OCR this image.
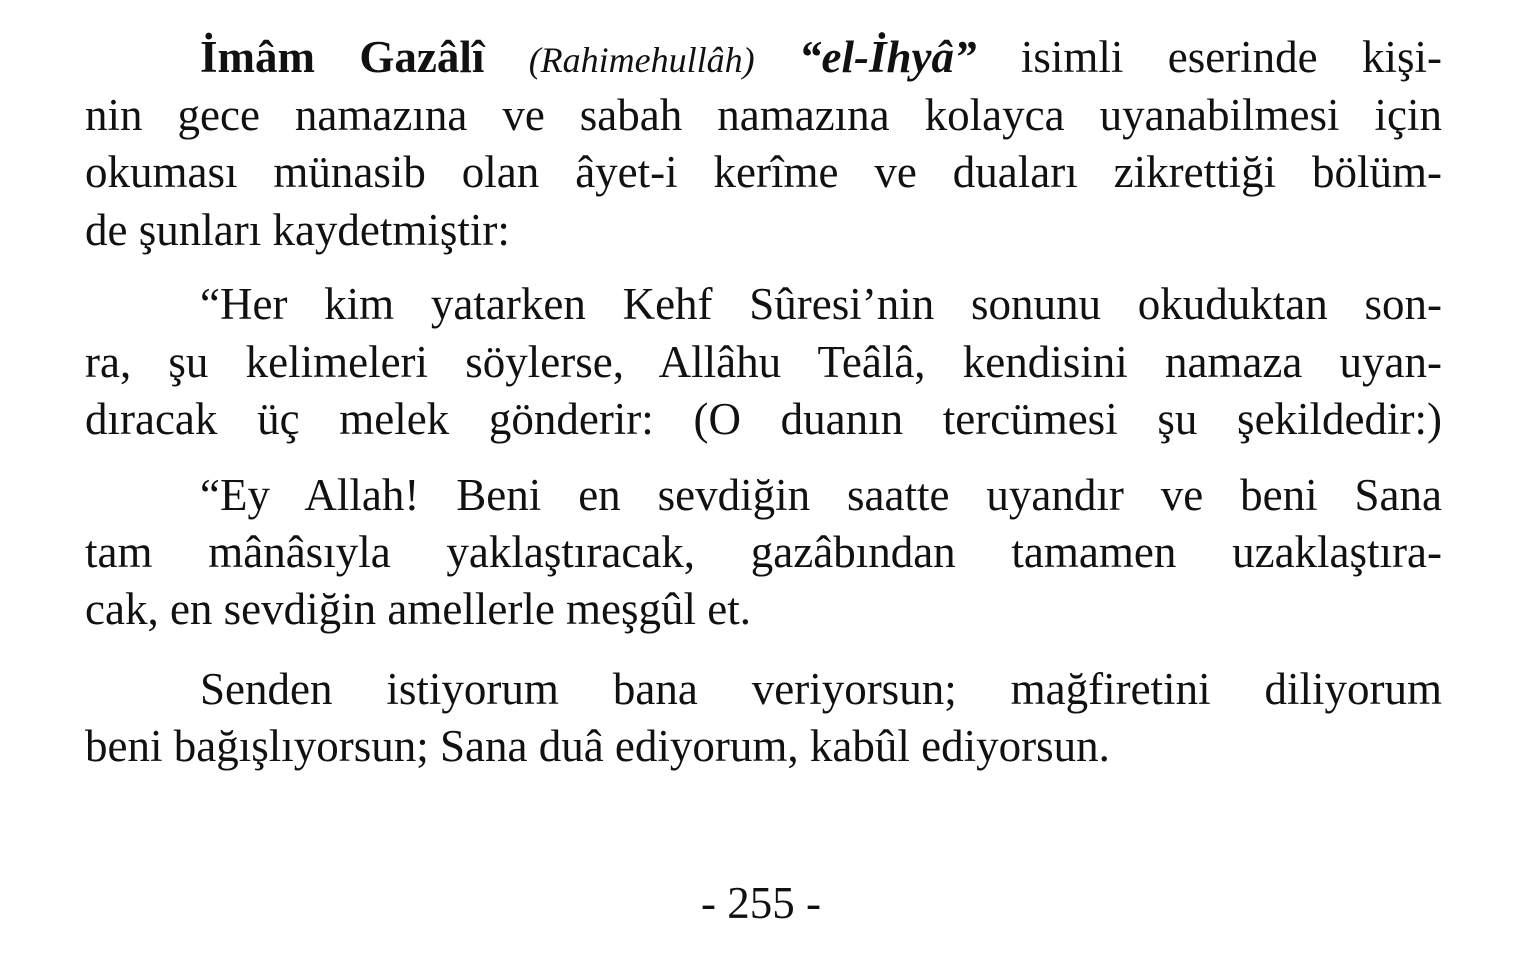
İmâm Gazâlî (Rahimehullâh) “el-İhyâ” isimli eserinde kişi-
nin gece namazına ve sabah namazına kolayca uyanabilmesi için
okuması münasib olan âyet-i kerîme ve duaları zikrettiği bölüm-
de şunları kaydetmiştir:
“Her kim yatarken Kehf Sûresi’nin sonunu okuduktan son-
ra, şu kelimeleri söylerse, Allâhu Teâlâ, kendisini namaza uyan-
dıracak üç melek gönderir: (O duanın tercümesi şu şekildedir:)
“Ey Allah! Beni en sevdiğin saatte uyandır ve beni Sana
tam mânâsıyla yaklaştıracak, gazâbından tamamen uzaklaştıra-
cak, en sevdiğin amellerle meşgûl et.
Senden istiyorum bana veriyorsun; mağfiretini diliyorum
beni bağışlıyorsun; Sana duâ ediyorum, kabûl ediyorsun.
- 255 -
